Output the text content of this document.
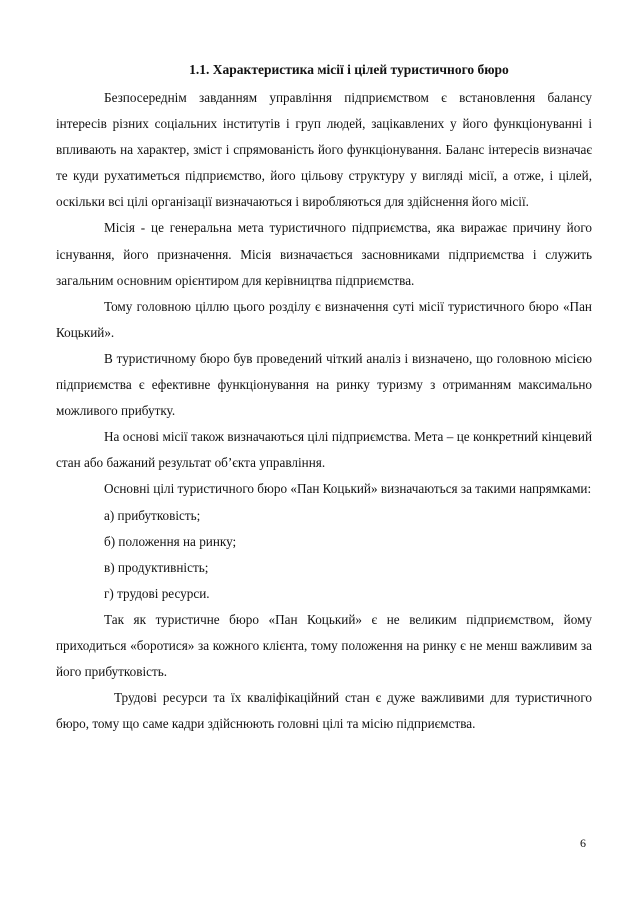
1.1. Характеристика місії і цілей туристичного бюро

Безпосереднім завданням управління підприємством є встановлення балансу інтересів різних соціальних інститутів і груп людей, зацікавлених у його функціонуванні і впливають на характер, зміст і спрямованість його функціонування. Баланс інтересів визначає те куди рухатиметься підприємство, його цільову структуру у вигляді місії, а отже, і цілей, оскільки всі цілі організації визначаються і виробляються для здійснення його місії.

Місія - це генеральна мета туристичного підприємства, яка виражає причину його існування, його призначення. Місія визначається засновниками підприємства і служить загальним основним орієнтиром для керівництва підприємства.

Тому головною ціллю цього розділу є визначення суті місії туристичного бюро «Пан Коцький».

В туристичному бюро був проведений чіткий аналіз і визначено, що головною місією підприємства є ефективне функціонування на ринку туризму з отриманням максимально можливого прибутку.

На основі місії також визначаються цілі підприємства. Мета – це конкретний кінцевий стан або бажаний результат об’єкта управління.

Основні цілі туристичного бюро «Пан Коцький» визначаються за такими напрямками:

а) прибутковість;

б) положення на ринку;

в) продуктивність;

г) трудові ресурси.

Так як туристичне бюро «Пан Коцький» є не великим підприємством, йому приходиться «боротися» за кожного клієнта, тому положення на ринку є не менш важливим за його прибутковість.

Трудові ресурси та їх кваліфікаційний стан є дуже важливими для туристичного бюро, тому що саме кадри здійснюють головні цілі та місію підприємства.

6
